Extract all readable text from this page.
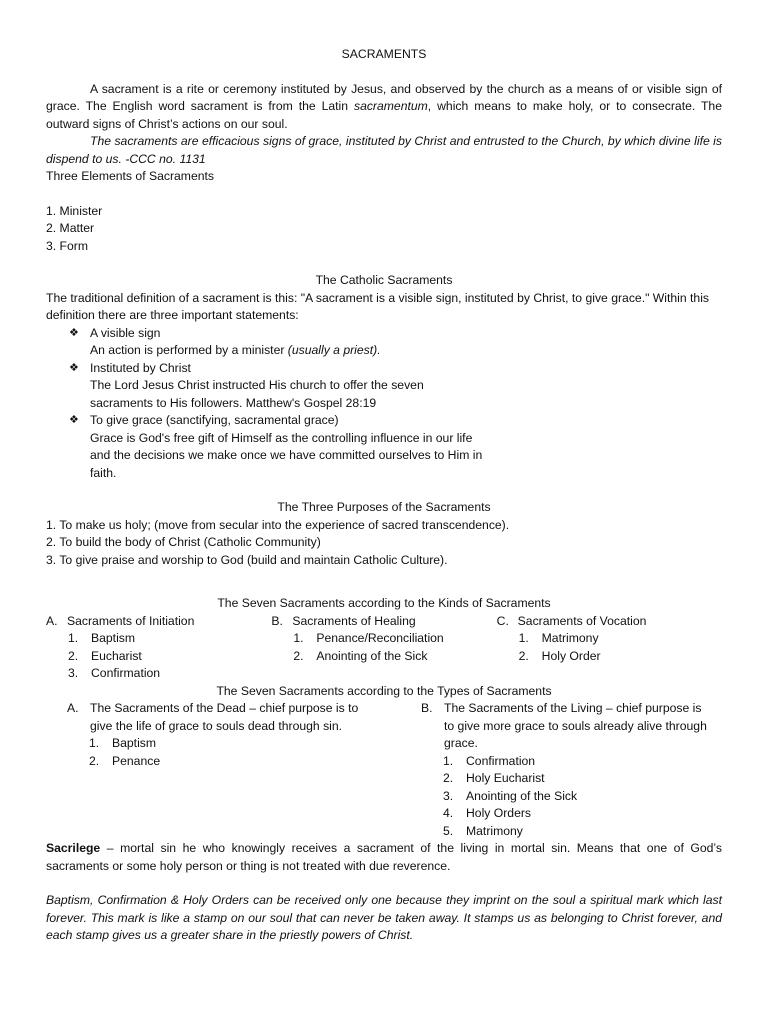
SACRAMENTS

A sacrament is a rite or ceremony instituted by Jesus, and observed by the church as a means of or visible sign of grace. The English word sacrament is from the Latin sacramentum, which means to make holy, or to consecrate. The outward signs of Christ’s actions on our soul.

The sacraments are efficacious signs of grace, instituted by Christ and entrusted to the Church, by which divine life is dispend to us. -CCC no. 1131

Three Elements of Sacraments

1. Minister
2. Matter
3. Form

The Catholic Sacraments

The traditional definition of a sacrament is this: "A sacrament is a visible sign, instituted by Christ, to give grace." Within this definition there are three important statements:

❖ A visible sign
An action is performed by a minister (usually a priest).
❖ Instituted by Christ
The Lord Jesus Christ instructed His church to offer the seven sacraments to His followers. Matthew's Gospel 28:19
❖ To give grace (sanctifying, sacramental grace)
Grace is God's free gift of Himself as the controlling influence in our life and the decisions we make once we have committed ourselves to Him in faith.

The Three Purposes of the Sacraments

1. To make us holy; (move from secular into the experience of sacred transcendence).
2. To build the body of Christ (Catholic Community)
3. To give praise and worship to God (build and maintain Catholic Culture).

The Seven Sacraments according to the Kinds of Sacraments

A. Sacraments of Initiation
1. Baptism
2. Eucharist
3. Confirmation
B. Sacraments of Healing
1. Penance/Reconciliation
2. Anointing of the Sick
C. Sacraments of Vocation
1. Matrimony
2. Holy Order

The Seven Sacraments according to the Types of Sacraments

A. The Sacraments of the Dead – chief purpose is to give the life of grace to souls dead through sin.
1. Baptism
2. Penance
B. The Sacraments of the Living – chief purpose is to give more grace to souls already alive through grace.
1. Confirmation
2. Holy Eucharist
3. Anointing of the Sick
4. Holy Orders
5. Matrimony

Sacrilege – mortal sin he who knowingly receives a sacrament of the living in mortal sin. Means that one of God’s sacraments or some holy person or thing is not treated with due reverence.

Baptism, Confirmation & Holy Orders can be received only one because they imprint on the soul a spiritual mark which last forever. This mark is like a stamp on our soul that can never be taken away. It stamps us as belonging to Christ forever, and each stamp gives us a greater share in the priestly powers of Christ.
